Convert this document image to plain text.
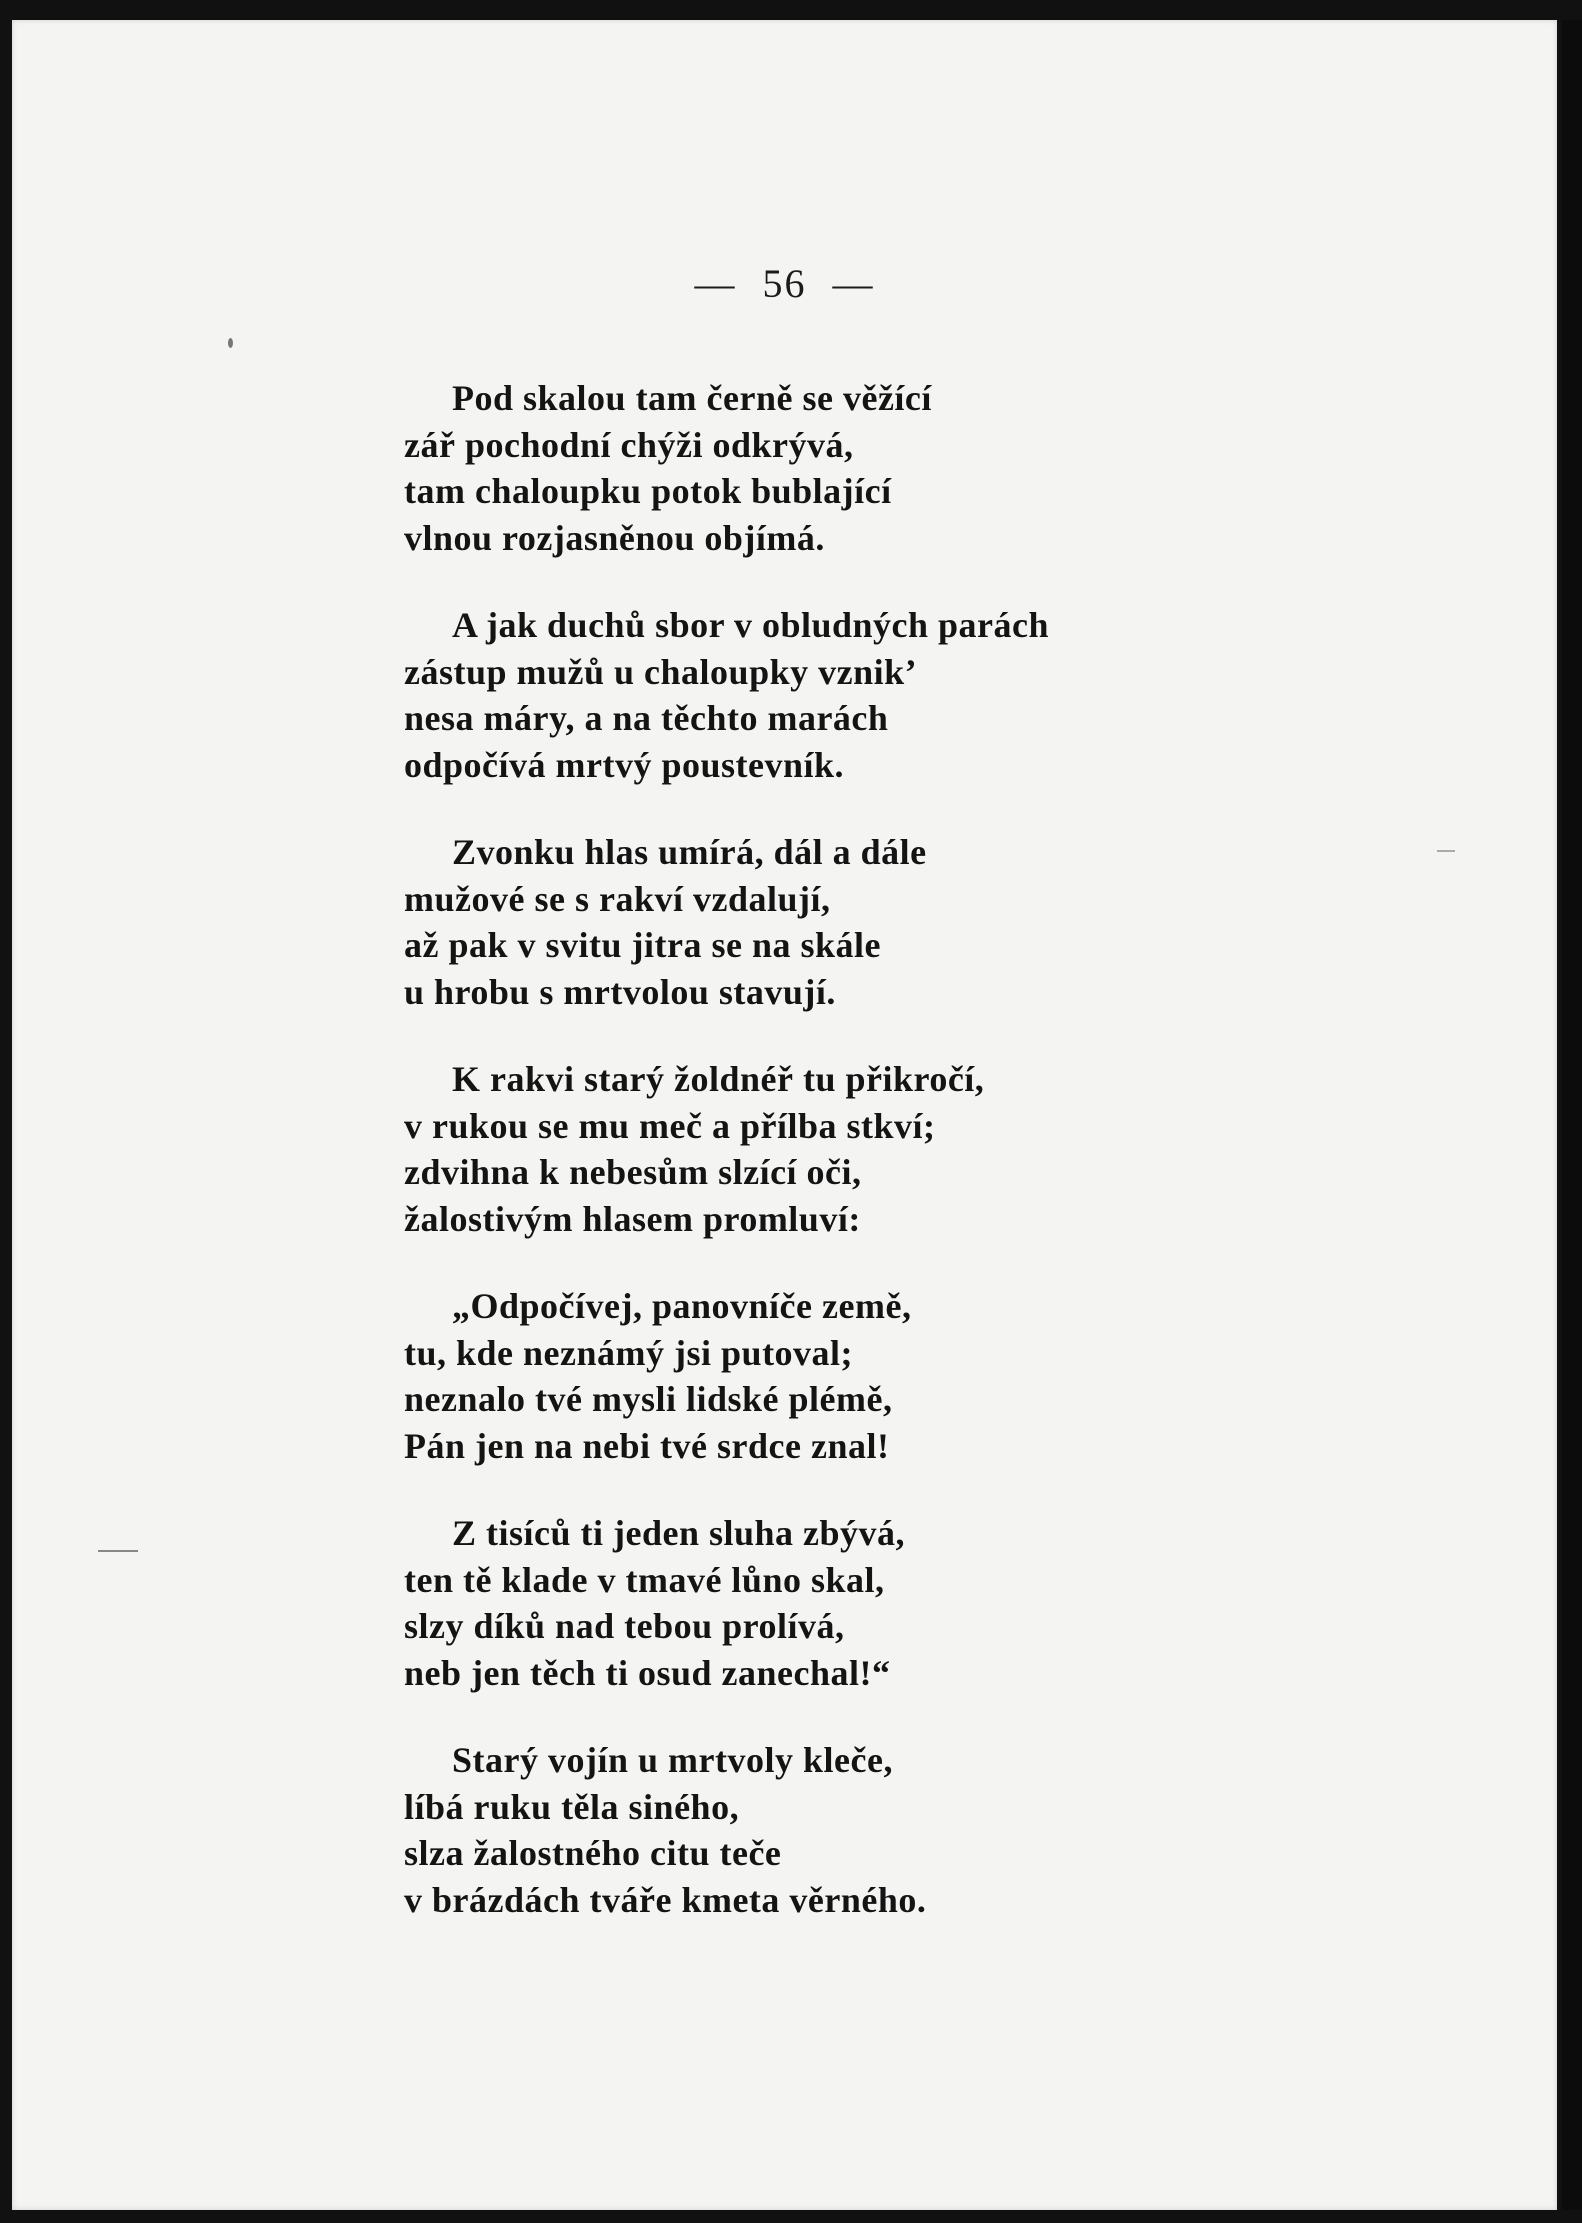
— 56 —
Pod skalou tam černě se věžící
zář pochodní chýži odkrývá,
tam chaloupku potok bublající
vlnou rozjasněnou objímá.
A jak duchů sbor v obludných parách
zástup mužů u chaloupky vznik’
nesa máry, a na těchto marách
odpočívá mrtvý poustevník.
Zvonku hlas umírá, dál a dále
mužové se s rakví vzdalují,
až pak v svitu jitra se na skále
u hrobu s mrtvolou stavují.
K rakvi starý žoldnéř tu přikročí,
v rukou se mu meč a přílba stkví;
zdvihna k nebesům slzící oči,
žalostivým hlasem promluví:
„Odpočívej, panovníče země,
tu, kde neznámý jsi putoval;
neznalo tvé mysli lidské plémě,
Pán jen na nebi tvé srdce znal!
Z tisíců ti jeden sluha zbývá,
ten tě klade v tmavé lůno skal,
slzy díků nad tebou prolívá,
neb jen těch ti osud zanechal!“
Starý vojín u mrtvoly kleče,
líbá ruku těla siného,
slza žalostného citu teče
v brázdách tváře kmeta věrného.
